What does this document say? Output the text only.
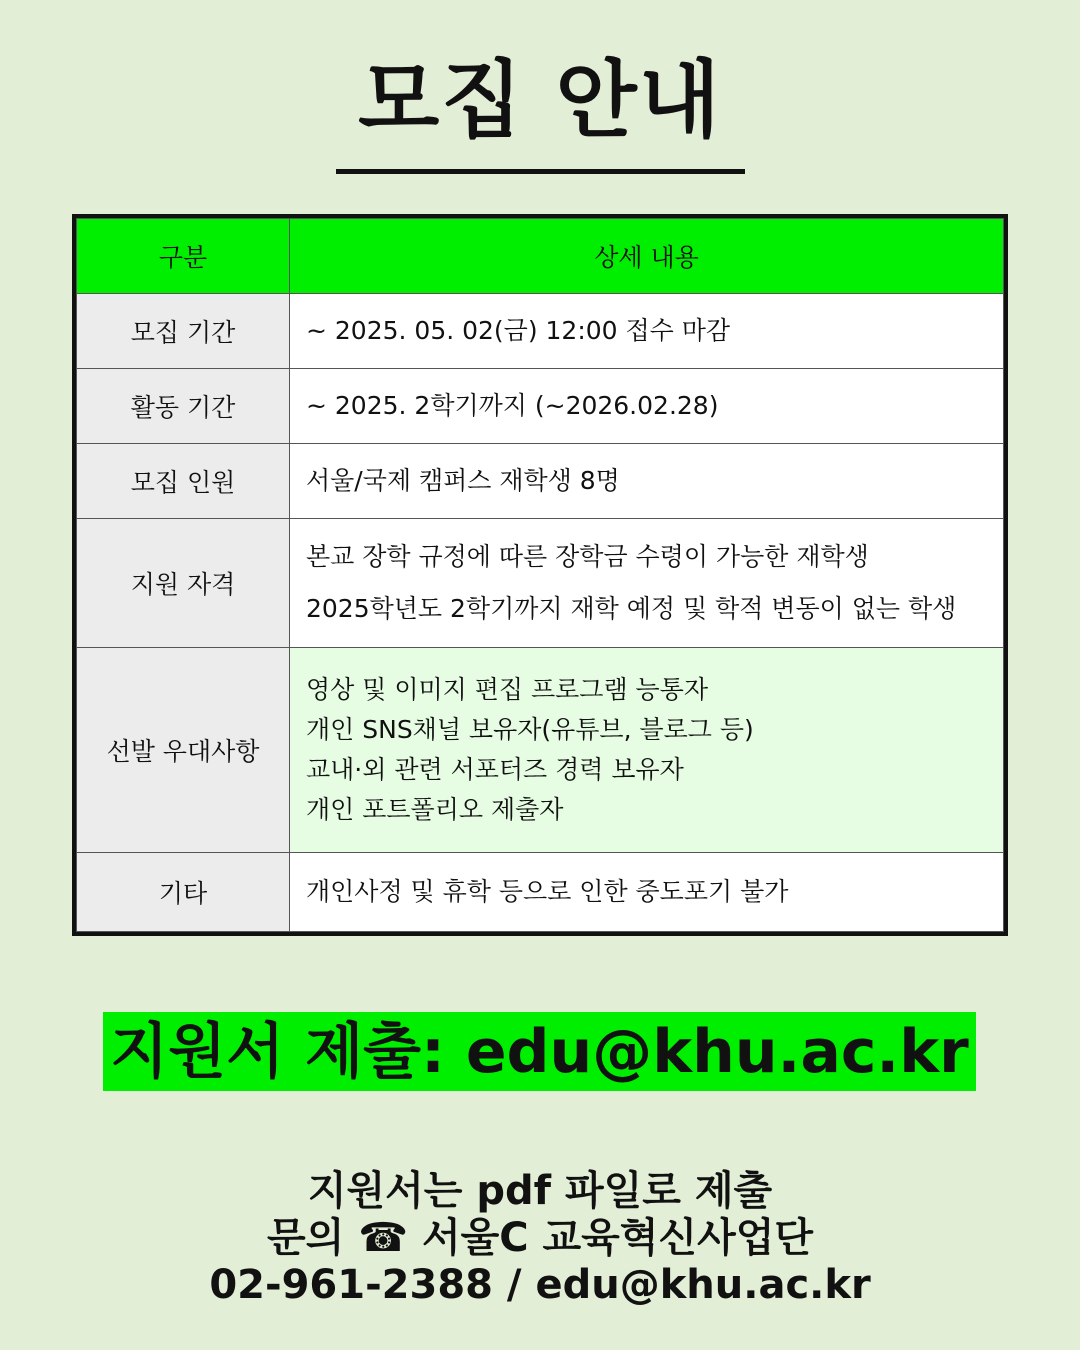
모집 안내
구분	상세 내용
모집 기간	~ 2025. 05. 02(금) 12:00 접수 마감

활동 기간	~ 2025. 2학기까지 (~2026.02.28)

모집 인원	서울/국제 캠퍼스 재학생 8명

지원 자격	본교 장학 규정에 따른 장학금 수령이 가능한 재학생
2025학년도 2학기까지 재학 예정 및 학적 변동이 없는 학생

선발 우대사항	영상 및 이미지 편집 프로그램 능통자
개인 SNS채널 보유자(유튜브, 블로그 등)
교내·외 관련 서포터즈 경력 보유자
개인 포트폴리오 제출자

기타	개인사정 및 휴학 등으로 인한 중도포기 불가
지원서 제출: edu@khu.ac.kr
지원서는 pdf 파일로 제출
문의 ☎ 서울C 교육혁신사업단
02-961-2388 / edu@khu.ac.kr
